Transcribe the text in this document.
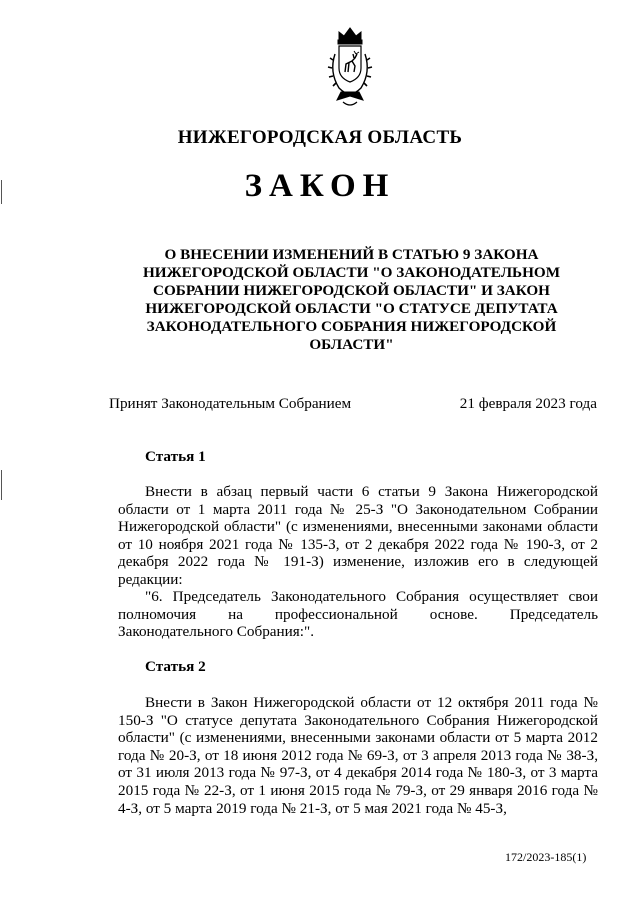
НИЖЕГОРОДСКАЯ ОБЛАСТЬ
ЗАКОН
О ВНЕСЕНИИ ИЗМЕНЕНИЙ В СТАТЬЮ 9 ЗАКОНА НИЖЕГОРОДСКОЙ ОБЛАСТИ "О ЗАКОНОДАТЕЛЬНОМ СОБРАНИИ НИЖЕГОРОДСКОЙ ОБЛАСТИ" И ЗАКОН НИЖЕГОРОДСКОЙ ОБЛАСТИ "О СТАТУСЕ ДЕПУТАТА ЗАКОНОДАТЕЛЬНОГО СОБРАНИЯ НИЖЕГОРОДСКОЙ ОБЛАСТИ"
Принят Законодательным Собранием	21 февраля 2023 года
Статья 1

Внести в абзац первый части 6 статьи 9 Закона Нижегородской области от 1 марта 2011 года № 25-З "О Законодательном Собрании Нижегородской области" (с изменениями, внесенными законами области от 10 ноября 2021 года № 135-З, от 2 декабря 2022 года № 190-З, от 2 декабря 2022 года № 191-З) изменение, изложив его в следующей редакции:

"6. Председатель Законодательного Собрания осуществляет свои полномочия на профессиональной основе. Председатель Законодательного Собрания:".

Статья 2

Внести в Закон Нижегородской области от 12 октября 2011 года № 150-З "О статусе депутата Законодательного Собрания Нижегородской области" (с изменениями, внесенными законами области от 5 марта 2012 года № 20-З, от 18 июня 2012 года № 69-З, от 3 апреля 2013 года № 38-З, от 31 июля 2013 года № 97-З, от 4 декабря 2014 года № 180-З, от 3 марта 2015 года № 22-З, от 1 июня 2015 года № 79-З, от 29 января 2016 года № 4-З, от 5 марта 2019 года № 21-З, от 5 мая 2021 года № 45-З,

172/2023-185(1)
